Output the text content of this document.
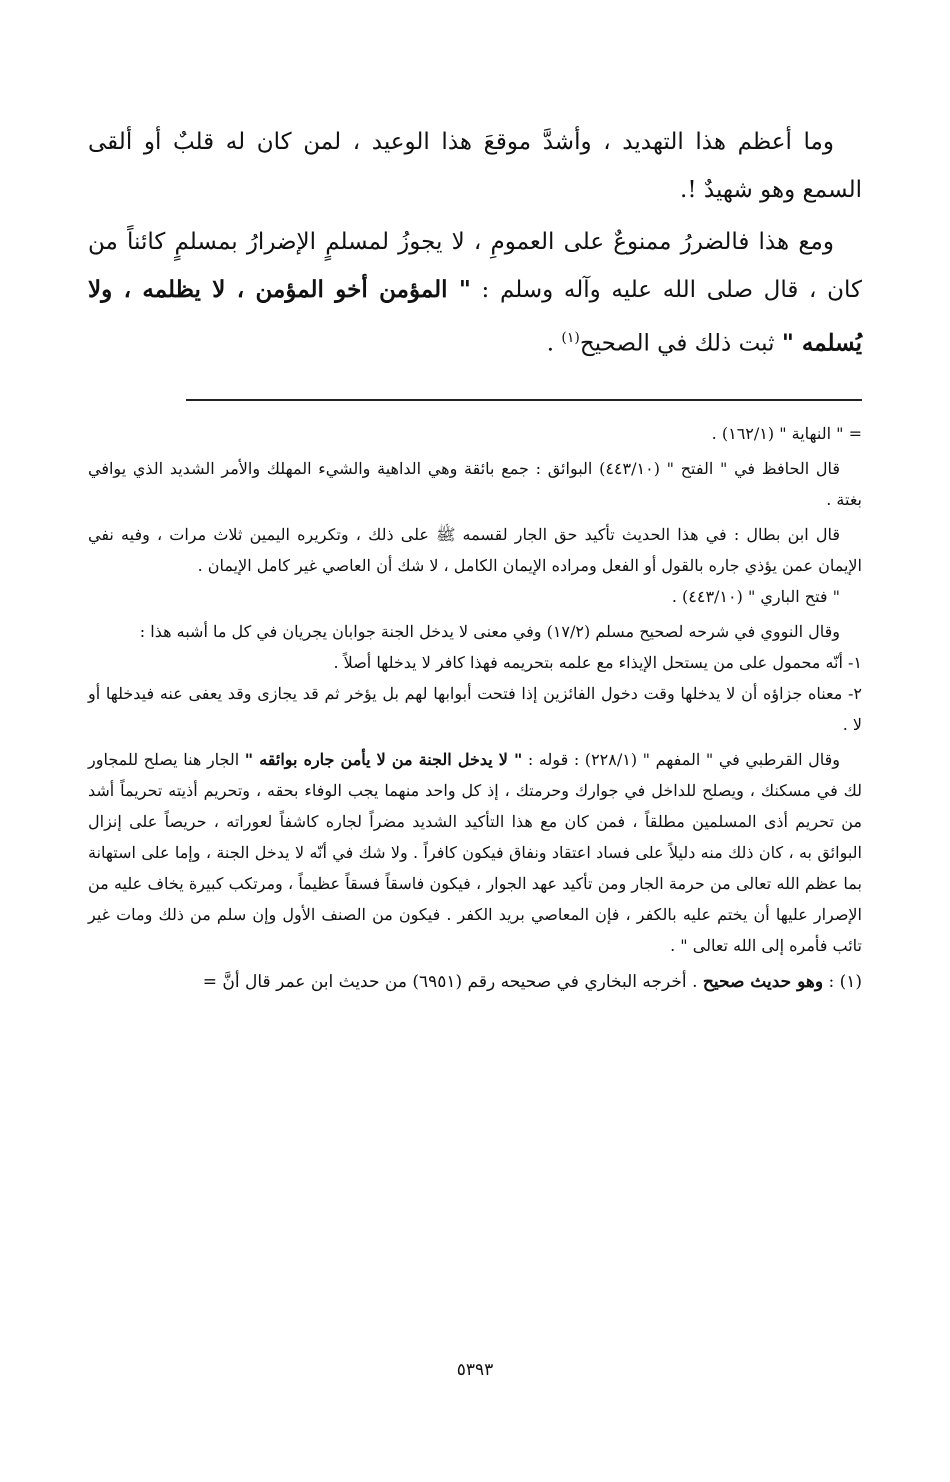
وما أعظم هذا التهديد ، وأشدَّ موقعَ هذا الوعيد ، لمن كان له قلبٌ أو ألقى السمع وهو شهيدٌ !.

ومع هذا فالضررُ ممنوعٌ على العمومِ ، لا يجوزُ لمسلمٍ الإضرارُ بمسلمٍ كائناً من كان ، قال صلى الله عليه وآله وسلم : " المؤمن أخو المؤمن ، لا يظلمه ، ولا يُسلمه " ثبت ذلك في الصحيح$^{(١)}$ .

= " النهاية " (١٦٢/١) .

قال الحافظ في " الفتح " (٤٤٣/١٠) البوائق : جمع بائقة وهي الداهية والشيء المهلك والأمر الشديد الذي يوافي بغتة .

قال ابن بطال : في هذا الحديث تأكيد حق الجار لقسمه ﷺ على ذلك ، وتكريره اليمين ثلاث مرات ، وفيه نفي الإيمان عمن يؤذي جاره بالقول أو الفعل ومراده الإيمان الكامل ، لا شك أن العاصي غير كامل الإيمان .

" فتح الباري " (٤٤٣/١٠) .

وقال النووي في شرحه لصحيح مسلم (١٧/٢) وفي معنى لا يدخل الجنة جوابان يجريان في كل ما أشبه هذا :

١- أنّه محمول على من يستحل الإيذاء مع علمه بتحريمه فهذا كافر لا يدخلها أصلاً .

٢- معناه جزاؤه أن لا يدخلها وقت دخول الفائزين إذا فتحت أبوابها لهم بل يؤخر ثم قد يجازى وقد يعفى عنه فيدخلها أو لا .

وقال القرطبي في " المفهم " (٢٢٨/١) : قوله : " لا يدخل الجنة من لا يأمن جاره بوائقه " الجار هنا يصلح للمجاور لك في مسكنك ، ويصلح للداخل في جوارك وحرمتك ، إذ كل واحد منهما يجب الوفاء بحقه ، وتحريم أذيته تحريماً أشد من تحريم أذى المسلمين مطلقاً ، فمن كان مع هذا التأكيد الشديد مضراً لجاره كاشفاً لعوراته ، حريصاً على إنزال البوائق به ، كان ذلك منه دليلاً على فساد اعتقاد ونفاق فيكون كافراً . ولا شك في أنّه لا يدخل الجنة ، وإما على استهانة بما عظم الله تعالى من حرمة الجار ومن تأكيد عهد الجوار ، فيكون فاسقاً فسقاً عظيماً ، ومرتكب كبيرة يخاف عليه من الإصرار عليها أن يختم عليه بالكفر ، فإن المعاصي بريد الكفر . فيكون من الصنف الأول وإن سلم من ذلك ومات غير تائب فأمره إلى الله تعالى " .

(١) : وهو حديث صحيح . أخرجه البخاري في صحيحه رقم (٦٩٥١) من حديث ابن عمر قال أنَّ =

٥٣٩٣
